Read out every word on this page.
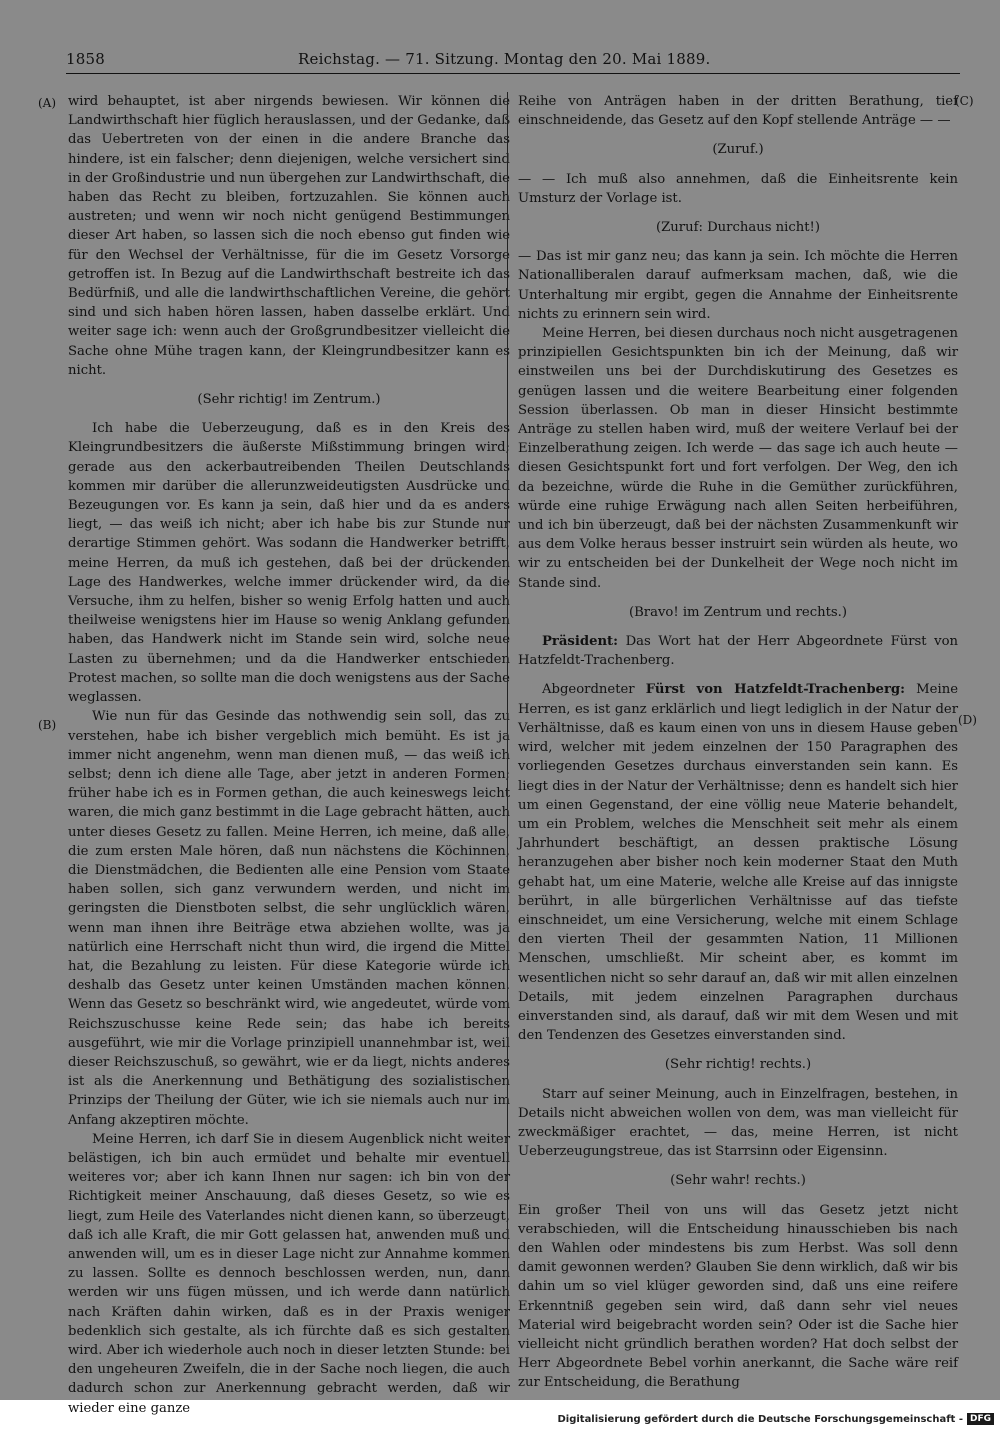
1858	Reichstag. — 71. Sitzung. Montag den 20. Mai 1889.
(A)
(B)
(C)
(D)

wird behauptet, ist aber nirgends bewiesen. Wir können die Landwirthschaft hier füglich herauslassen, und der Gedanke, daß das Uebertreten von der einen in die andere Branche das hindere, ist ein falscher; denn diejenigen, welche versichert sind in der Großindustrie und nun übergehen zur Landwirthschaft, die haben das Recht zu bleiben, fortzuzahlen. Sie können auch austreten; und wenn wir noch nicht genügend Bestimmungen dieser Art haben, so lassen sich die noch ebenso gut finden wie für den Wechsel der Verhältnisse, für die im Gesetz Vorsorge getroffen ist. In Bezug auf die Landwirthschaft bestreite ich das Bedürfniß, und alle die landwirthschaftlichen Vereine, die gehört sind und sich haben hören lassen, haben dasselbe erklärt. Und weiter sage ich: wenn auch der Großgrundbesitzer vielleicht die Sache ohne Mühe tragen kann, der Kleingrundbesitzer kann es nicht.

(Sehr richtig! im Zentrum.)

Ich habe die Ueberzeugung, daß es in den Kreis des Kleingrundbesitzers die äußerste Mißstimmung bringen wird; gerade aus den ackerbautreibenden Theilen Deutschlands kommen mir darüber die allerunzweideutigsten Ausdrücke und Bezeugungen vor. Es kann ja sein, daß hier und da es anders liegt, — das weiß ich nicht; aber ich habe bis zur Stunde nur derartige Stimmen gehört. Was sodann die Handwerker betrifft, meine Herren, da muß ich gestehen, daß bei der drückenden Lage des Handwerkes, welche immer drückender wird, da die Versuche, ihm zu helfen, bisher so wenig Erfolg hatten und auch theilweise wenigstens hier im Hause so wenig Anklang gefunden haben, das Handwerk nicht im Stande sein wird, solche neue Lasten zu übernehmen; und da die Handwerker entschieden Protest machen, so sollte man die doch wenigstens aus der Sache weglassen.

Wie nun für das Gesinde das nothwendig sein soll, das zu verstehen, habe ich bisher vergeblich mich bemüht. Es ist ja immer nicht angenehm, wenn man dienen muß, — das weiß ich selbst; denn ich diene alle Tage, aber jetzt in anderen Formen; früher habe ich es in Formen gethan, die auch keineswegs leicht waren, die mich ganz bestimmt in die Lage gebracht hätten, auch unter dieses Gesetz zu fallen. Meine Herren, ich meine, daß alle, die zum ersten Male hören, daß nun nächstens die Köchinnen, die Dienstmädchen, die Bedienten alle eine Pension vom Staate haben sollen, sich ganz verwundern werden, und nicht im geringsten die Dienstboten selbst, die sehr unglücklich wären, wenn man ihnen ihre Beiträge etwa abziehen wollte, was ja natürlich eine Herrschaft nicht thun wird, die irgend die Mittel hat, die Bezahlung zu leisten. Für diese Kategorie würde ich deshalb das Gesetz unter keinen Umständen machen können. Wenn das Gesetz so beschränkt wird, wie angedeutet, würde vom Reichszuschusse keine Rede sein; das habe ich bereits ausgeführt, wie mir die Vorlage prinzipiell unannehmbar ist, weil dieser Reichszuschuß, so gewährt, wie er da liegt, nichts anderes ist als die Anerkennung und Bethätigung des sozialistischen Prinzips der Theilung der Güter, wie ich sie niemals auch nur im Anfang akzeptiren möchte.

Meine Herren, ich darf Sie in diesem Augenblick nicht weiter belästigen, ich bin auch ermüdet und behalte mir eventuell weiteres vor; aber ich kann Ihnen nur sagen: ich bin von der Richtigkeit meiner Anschauung, daß dieses Gesetz, so wie es liegt, zum Heile des Vaterlandes nicht dienen kann, so überzeugt, daß ich alle Kraft, die mir Gott gelassen hat, anwenden muß und anwenden will, um es in dieser Lage nicht zur Annahme kommen zu lassen. Sollte es dennoch beschlossen werden, nun, dann werden wir uns fügen müssen, und ich werde dann natürlich nach Kräften dahin wirken, daß es in der Praxis weniger bedenklich sich gestalte, als ich fürchte daß es sich gestalten wird. Aber ich wiederhole auch noch in dieser letzten Stunde: bei den ungeheuren Zweifeln, die in der Sache noch liegen, die auch dadurch schon zur Anerkennung gebracht werden, daß wir wieder eine ganze

Reihe von Anträgen haben in der dritten Berathung, tief einschneidende, das Gesetz auf den Kopf stellende Anträge — —

(Zuruf.)

— — Ich muß also annehmen, daß die Einheitsrente kein Umsturz der Vorlage ist.

(Zuruf: Durchaus nicht!)

— Das ist mir ganz neu; das kann ja sein. Ich möchte die Herren Nationalliberalen darauf aufmerksam machen, daß, wie die Unterhaltung mir ergibt, gegen die Annahme der Einheitsrente nichts zu erinnern sein wird.

Meine Herren, bei diesen durchaus noch nicht ausgetragenen prinzipiellen Gesichtspunkten bin ich der Meinung, daß wir einstweilen uns bei der Durchdiskutirung des Gesetzes es genügen lassen und die weitere Bearbeitung einer folgenden Session überlassen. Ob man in dieser Hinsicht bestimmte Anträge zu stellen haben wird, muß der weitere Verlauf bei der Einzelberathung zeigen. Ich werde — das sage ich auch heute — diesen Gesichtspunkt fort und fort verfolgen. Der Weg, den ich da bezeichne, würde die Ruhe in die Gemüther zurückführen, würde eine ruhige Erwägung nach allen Seiten herbeiführen, und ich bin überzeugt, daß bei der nächsten Zusammenkunft wir aus dem Volke heraus besser instruirt sein würden als heute, wo wir zu entscheiden bei der Dunkelheit der Wege noch nicht im Stande sind.

(Bravo! im Zentrum und rechts.)

Präsident: Das Wort hat der Herr Abgeordnete Fürst von Hatzfeldt-Trachenberg.

Abgeordneter Fürst von Hatzfeldt-Trachenberg: Meine Herren, es ist ganz erklärlich und liegt lediglich in der Natur der Verhältnisse, daß es kaum einen von uns in diesem Hause geben wird, welcher mit jedem einzelnen der 150 Paragraphen des vorliegenden Gesetzes durchaus einverstanden sein kann. Es liegt dies in der Natur der Verhältnisse; denn es handelt sich hier um einen Gegenstand, der eine völlig neue Materie behandelt, um ein Problem, welches die Menschheit seit mehr als einem Jahrhundert beschäftigt, an dessen praktische Lösung heranzugehen aber bisher noch kein moderner Staat den Muth gehabt hat, um eine Materie, welche alle Kreise auf das innigste berührt, in alle bürgerlichen Verhältnisse auf das tiefste einschneidet, um eine Versicherung, welche mit einem Schlage den vierten Theil der gesammten Nation, 11 Millionen Menschen, umschließt. Mir scheint aber, es kommt im wesentlichen nicht so sehr darauf an, daß wir mit allen einzelnen Details, mit jedem einzelnen Paragraphen durchaus einverstanden sind, als darauf, daß wir mit dem Wesen und mit den Tendenzen des Gesetzes einverstanden sind.

(Sehr richtig! rechts.)

Starr auf seiner Meinung, auch in Einzelfragen, bestehen, in Details nicht abweichen wollen von dem, was man vielleicht für zweckmäßiger erachtet, — das, meine Herren, ist nicht Ueberzeugungstreue, das ist Starrsinn oder Eigensinn.

(Sehr wahr! rechts.)

Ein großer Theil von uns will das Gesetz jetzt nicht verabschieden, will die Entscheidung hinausschieben bis nach den Wahlen oder mindestens bis zum Herbst. Was soll denn damit gewonnen werden? Glauben Sie denn wirklich, daß wir bis dahin um so viel klüger geworden sind, daß uns eine reifere Erkenntniß gegeben sein wird, daß dann sehr viel neues Material wird beigebracht worden sein? Oder ist die Sache hier vielleicht nicht gründlich berathen worden? Hat doch selbst der Herr Abgeordnete Bebel vorhin anerkannt, die Sache wäre reif zur Entscheidung, die Berathung

Digitalisierung gefördert durch die Deutsche Forschungsgemeinschaft - DFG
